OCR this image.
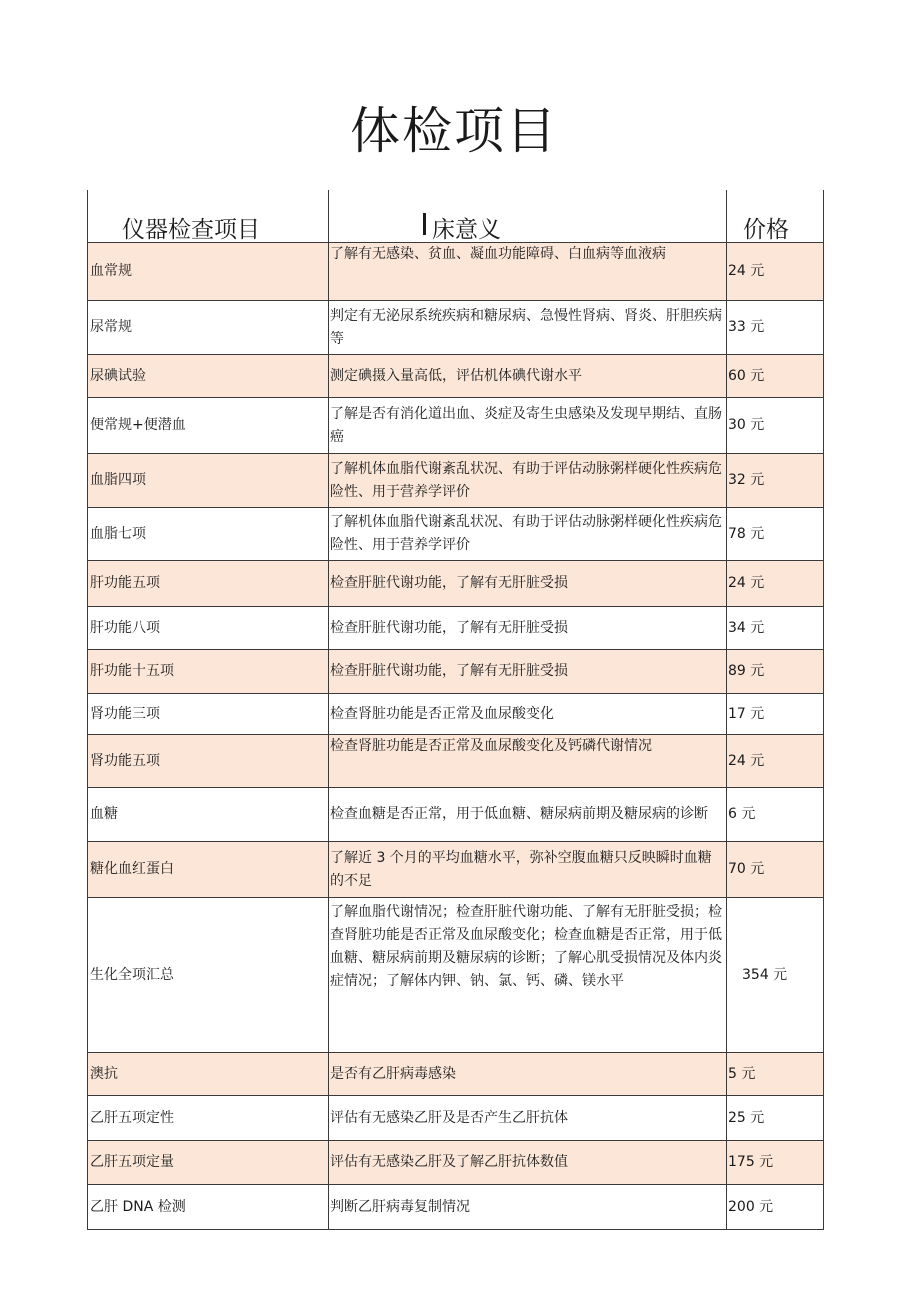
体检项目
仪器检查项目	床意义	价格
血常规	了解有无感染、贫血、凝血功能障碍、白血病等血液病	24 元
尿常规	判定有无泌尿系统疾病和糖尿病、急慢性肾病、肾炎、肝胆疾病等	33 元
尿碘试验	测定碘摄入量高低，评估机体碘代谢水平	60 元
便常规+便潜血	了解是否有消化道出血、炎症及寄生虫感染及发现早期结、直肠癌	30 元
血脂四项	了解机体血脂代谢紊乱状况、有助于评估动脉粥样硬化性疾病危险性、用于营养学评价	32 元
血脂七项	了解机体血脂代谢紊乱状况、有助于评估动脉粥样硬化性疾病危险性、用于营养学评价	78 元
肝功能五项	检查肝脏代谢功能，了解有无肝脏受损	24 元
肝功能八项	检查肝脏代谢功能，了解有无肝脏受损	34 元
肝功能十五项	检查肝脏代谢功能，了解有无肝脏受损	89 元
肾功能三项	检查肾脏功能是否正常及血尿酸变化	17 元
肾功能五项	检查肾脏功能是否正常及血尿酸变化及钙磷代谢情况	24 元
血糖	检查血糖是否正常，用于低血糖、糖尿病前期及糖尿病的诊断	6 元
糖化血红蛋白	了解近 3 个月的平均血糖水平，弥补空腹血糖只反映瞬时血糖的不足	70 元
生化全项汇总	了解血脂代谢情况；检查肝脏代谢功能、了解有无肝脏受损；检查肾脏功能是否正常及血尿酸变化；检查血糖是否正常，用于低血糖、糖尿病前期及糖尿病的诊断；了解心肌受损情况及体内炎症情况；了解体内钾、钠、氯、钙、磷、镁水平	354 元
澳抗	是否有乙肝病毒感染	5 元
乙肝五项定性	评估有无感染乙肝及是否产生乙肝抗体	25 元
乙肝五项定量	评估有无感染乙肝及了解乙肝抗体数值	175 元
乙肝 DNA 检测	判断乙肝病毒复制情况	200 元
